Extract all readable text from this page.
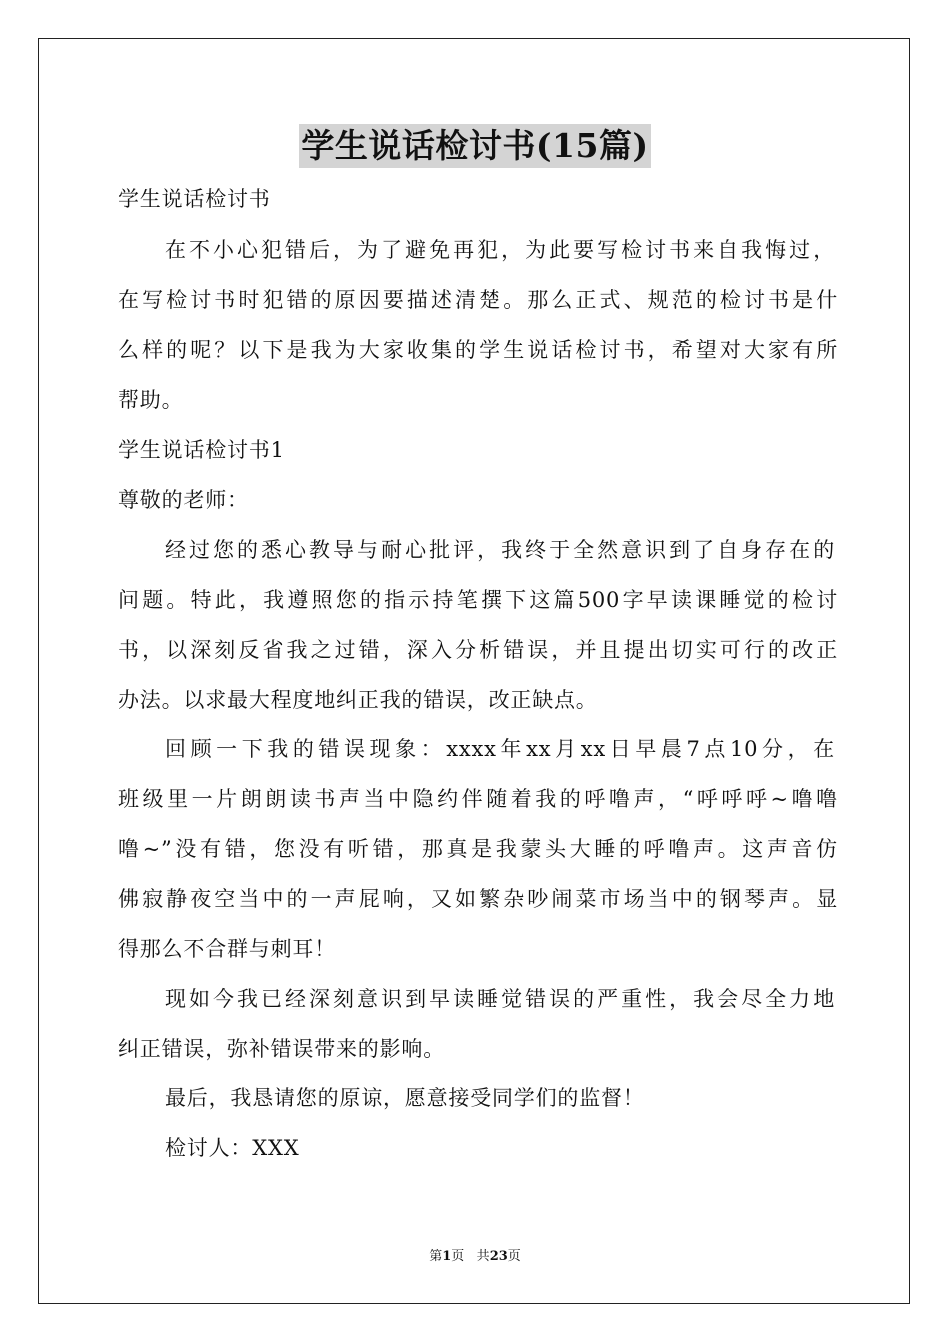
学生说话检讨书(15篇)
学生说话检讨书
在不小心犯错后，为了避免再犯，为此要写检讨书来自我悔过，
在写检讨书时犯错的原因要描述清楚。那么正式、规范的检讨书是什
么样的呢？以下是我为大家收集的学生说话检讨书，希望对大家有所
帮助。
学生说话检讨书1
尊敬的老师：
经过您的悉心教导与耐心批评，我终于全然意识到了自身存在的
问题。特此，我遵照您的指示持笔撰下这篇500字早读课睡觉的检讨
书，以深刻反省我之过错，深入分析错误，并且提出切实可行的改正
办法。以求最大程度地纠正我的错误，改正缺点。
回顾一下我的错误现象：xxxx年xx月xx日早晨7点10分，在
班级里一片朗朗读书声当中隐约伴随着我的呼噜声，“呼呼呼~噜噜
噜~”没有错，您没有听错，那真是我蒙头大睡的呼噜声。这声音仿
佛寂静夜空当中的一声屁响，又如繁杂吵闹菜市场当中的钢琴声。显
得那么不合群与刺耳！
现如今我已经深刻意识到早读睡觉错误的严重性，我会尽全力地
纠正错误，弥补错误带来的影响。
最后，我恳请您的原谅，愿意接受同学们的监督！
检讨人：XXX
第1页 共23页
